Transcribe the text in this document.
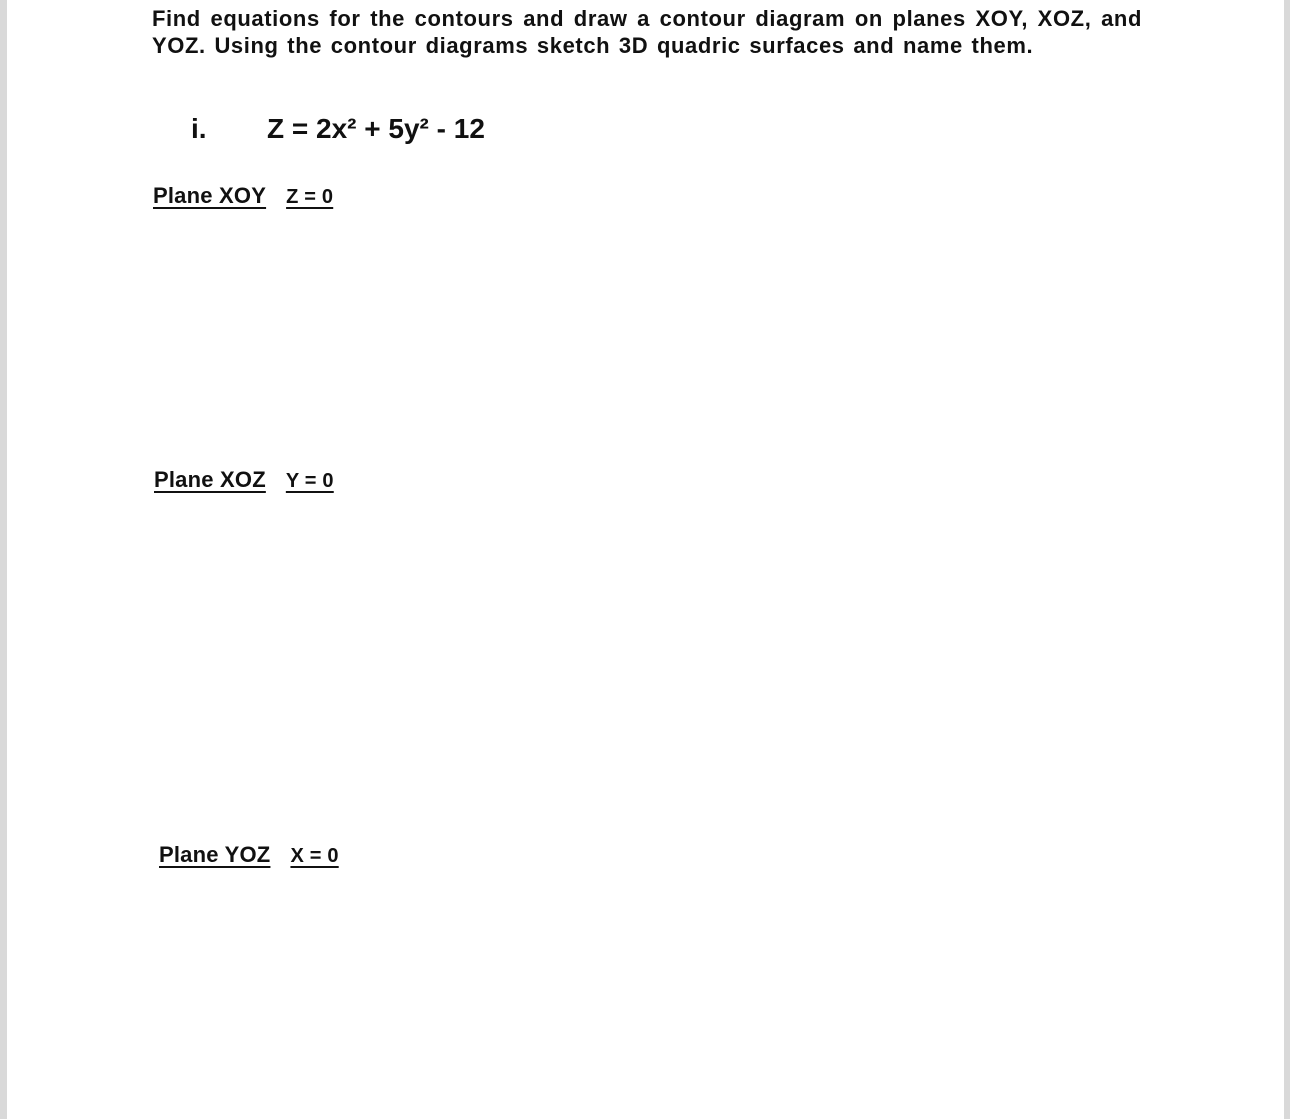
Find equations for the contours and draw a contour diagram on planes XOY, XOZ, and YOZ. Using the contour diagrams sketch 3D quadric surfaces and name them.

i. Z = 2x² + 5y² - 12
Plane XOY Z = 0
Plane XOZ Y = 0
Plane YOZ X = 0
